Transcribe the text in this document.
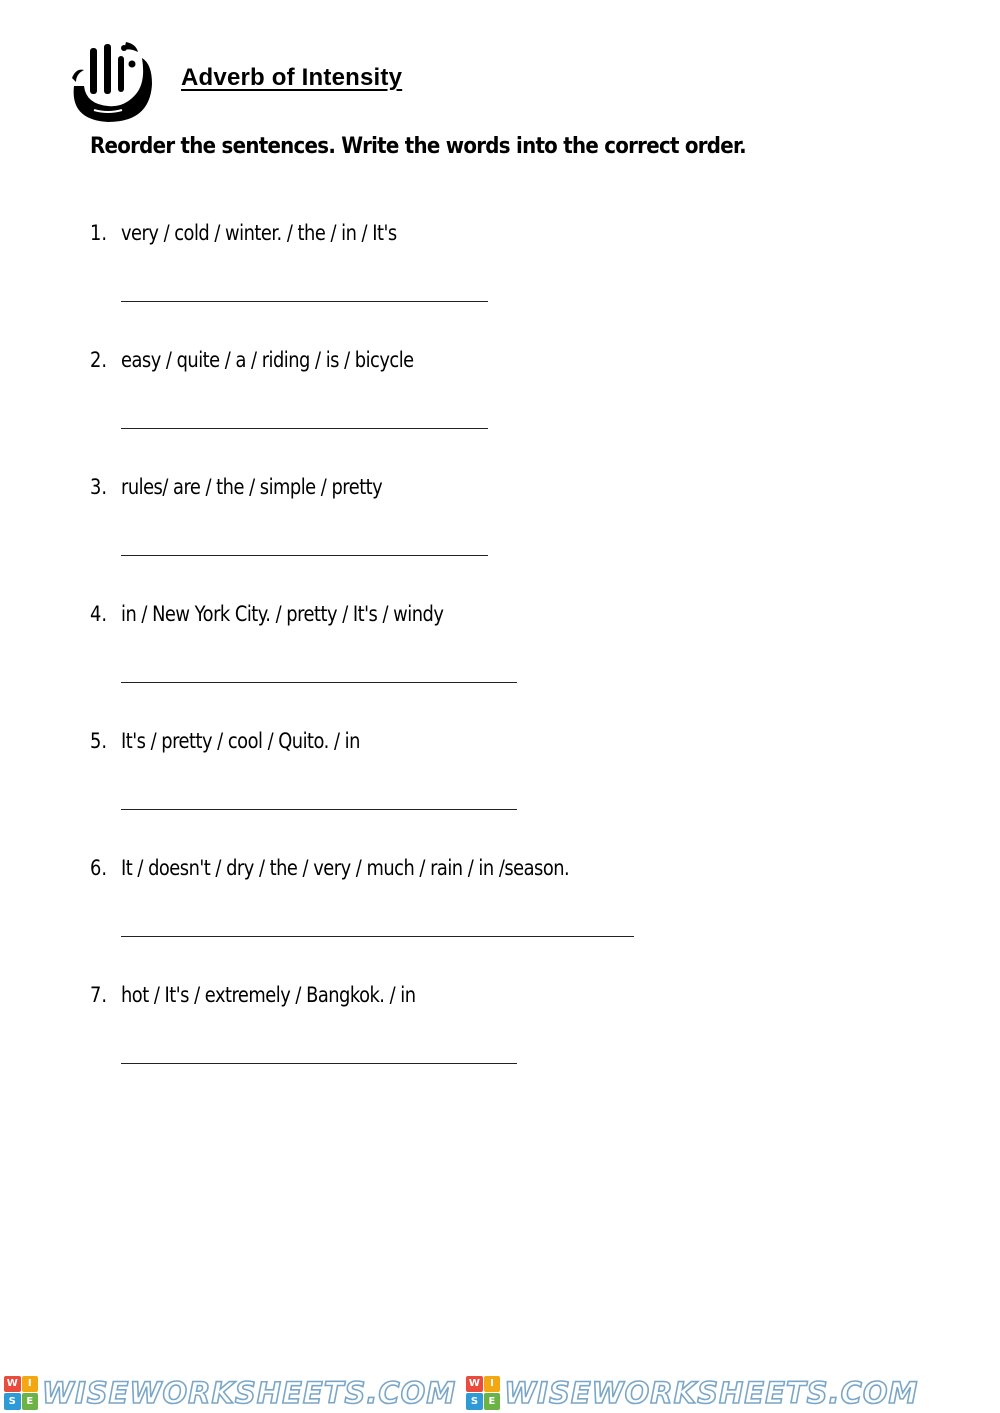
Adverb of Intensity
Reorder the sentences. Write the words into the correct order.
1. very / cold / winter. / the / in / It's
2. easy / quite / a / riding / is / bicycle
3. rules/ are / the / simple / pretty
4. in / New York City. / pretty / It's / windy
5. It's / pretty / cool / Quito. / in
6. It / doesn't / dry / the / very / much / rain / in /season.
7. hot / It's / extremely / Bangkok. / in
W	I
S	E WISEWORKSHEETS.COM W	I
S	E WISEWORKSHEETS.COM
